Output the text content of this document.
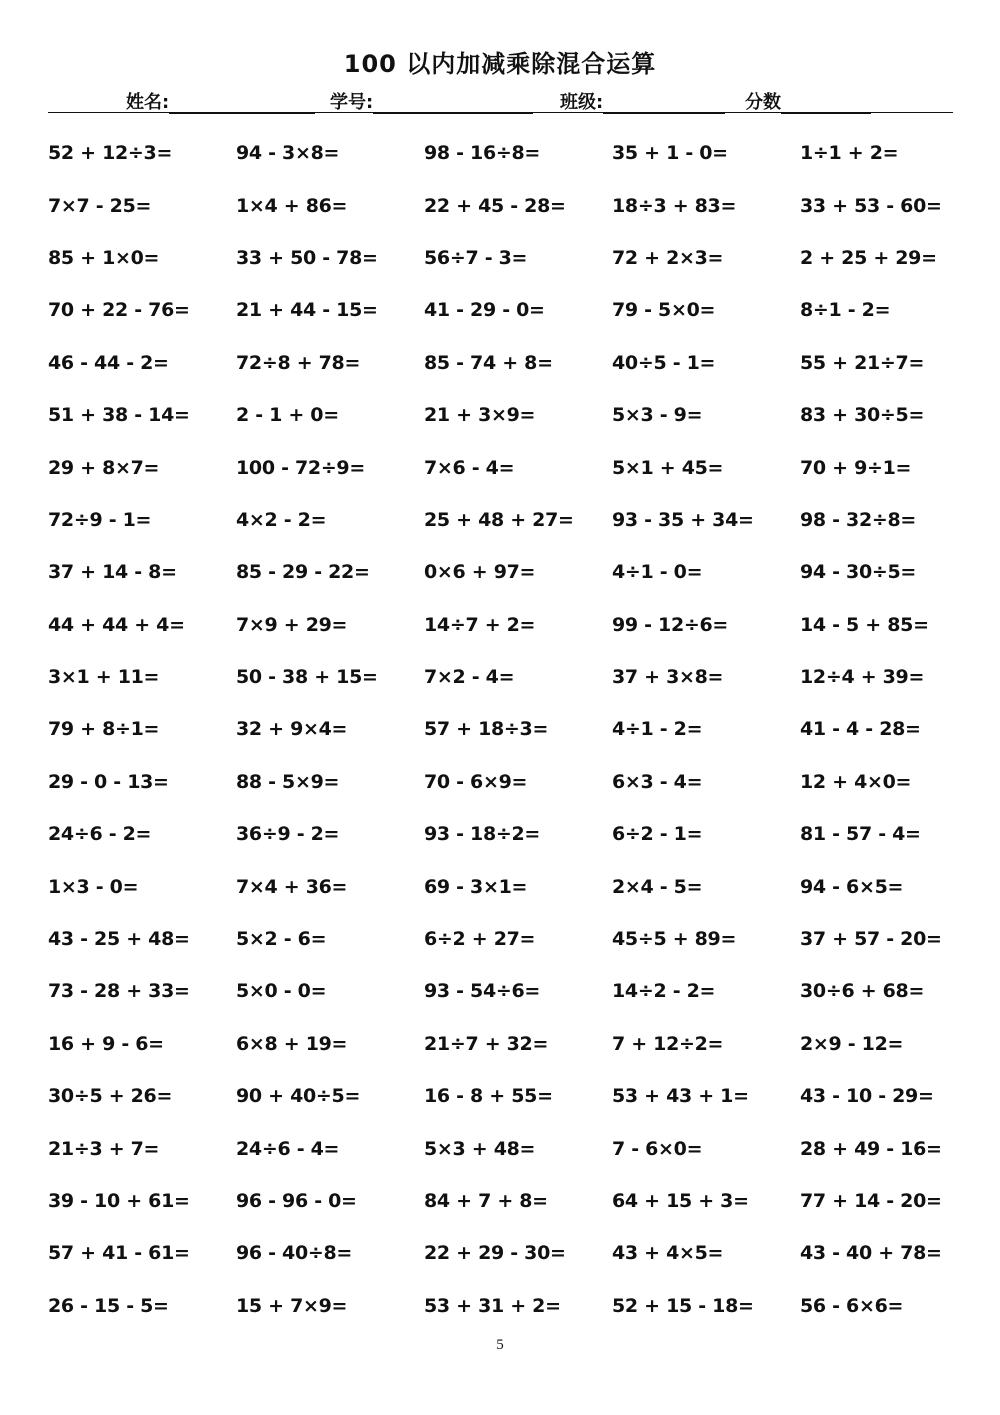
100 以内加减乘除混合运算
姓名:	学号:	班级:	分数
52 + 12÷3=	94 - 3×8=	98 - 16÷8=	35 + 1 - 0=	1÷1 + 2=
7×7 - 25=	1×4 + 86=	22 + 45 - 28=	18÷3 + 83=	33 + 53 - 60=
85 + 1×0=	33 + 50 - 78=	56÷7 - 3=	72 + 2×3=	2 + 25 + 29=
70 + 22 - 76=	21 + 44 - 15=	41 - 29 - 0=	79 - 5×0=	8÷1 - 2=
46 - 44 - 2=	72÷8 + 78=	85 - 74 + 8=	40÷5 - 1=	55 + 21÷7=
51 + 38 - 14=	2 - 1 + 0=	21 + 3×9=	5×3 - 9=	83 + 30÷5=
29 + 8×7=	100 - 72÷9=	7×6 - 4=	5×1 + 45=	70 + 9÷1=
72÷9 - 1=	4×2 - 2=	25 + 48 + 27=	93 - 35 + 34=	98 - 32÷8=
37 + 14 - 8=	85 - 29 - 22=	0×6 + 97=	4÷1 - 0=	94 - 30÷5=
44 + 44 + 4=	7×9 + 29=	14÷7 + 2=	99 - 12÷6=	14 - 5 + 85=
3×1 + 11=	50 - 38 + 15=	7×2 - 4=	37 + 3×8=	12÷4 + 39=
79 + 8÷1=	32 + 9×4=	57 + 18÷3=	4÷1 - 2=	41 - 4 - 28=
29 - 0 - 13=	88 - 5×9=	70 - 6×9=	6×3 - 4=	12 + 4×0=
24÷6 - 2=	36÷9 - 2=	93 - 18÷2=	6÷2 - 1=	81 - 57 - 4=
1×3 - 0=	7×4 + 36=	69 - 3×1=	2×4 - 5=	94 - 6×5=
43 - 25 + 48=	5×2 - 6=	6÷2 + 27=	45÷5 + 89=	37 + 57 - 20=
73 - 28 + 33=	5×0 - 0=	93 - 54÷6=	14÷2 - 2=	30÷6 + 68=
16 + 9 - 6=	6×8 + 19=	21÷7 + 32=	7 + 12÷2=	2×9 - 12=
30÷5 + 26=	90 + 40÷5=	16 - 8 + 55=	53 + 43 + 1=	43 - 10 - 29=
21÷3 + 7=	24÷6 - 4=	5×3 + 48=	7 - 6×0=	28 + 49 - 16=
39 - 10 + 61=	96 - 96 - 0=	84 + 7 + 8=	64 + 15 + 3=	77 + 14 - 20=
57 + 41 - 61=	96 - 40÷8=	22 + 29 - 30=	43 + 4×5=	43 - 40 + 78=
26 - 15 - 5=	15 + 7×9=	53 + 31 + 2=	52 + 15 - 18=	56 - 6×6=
5
